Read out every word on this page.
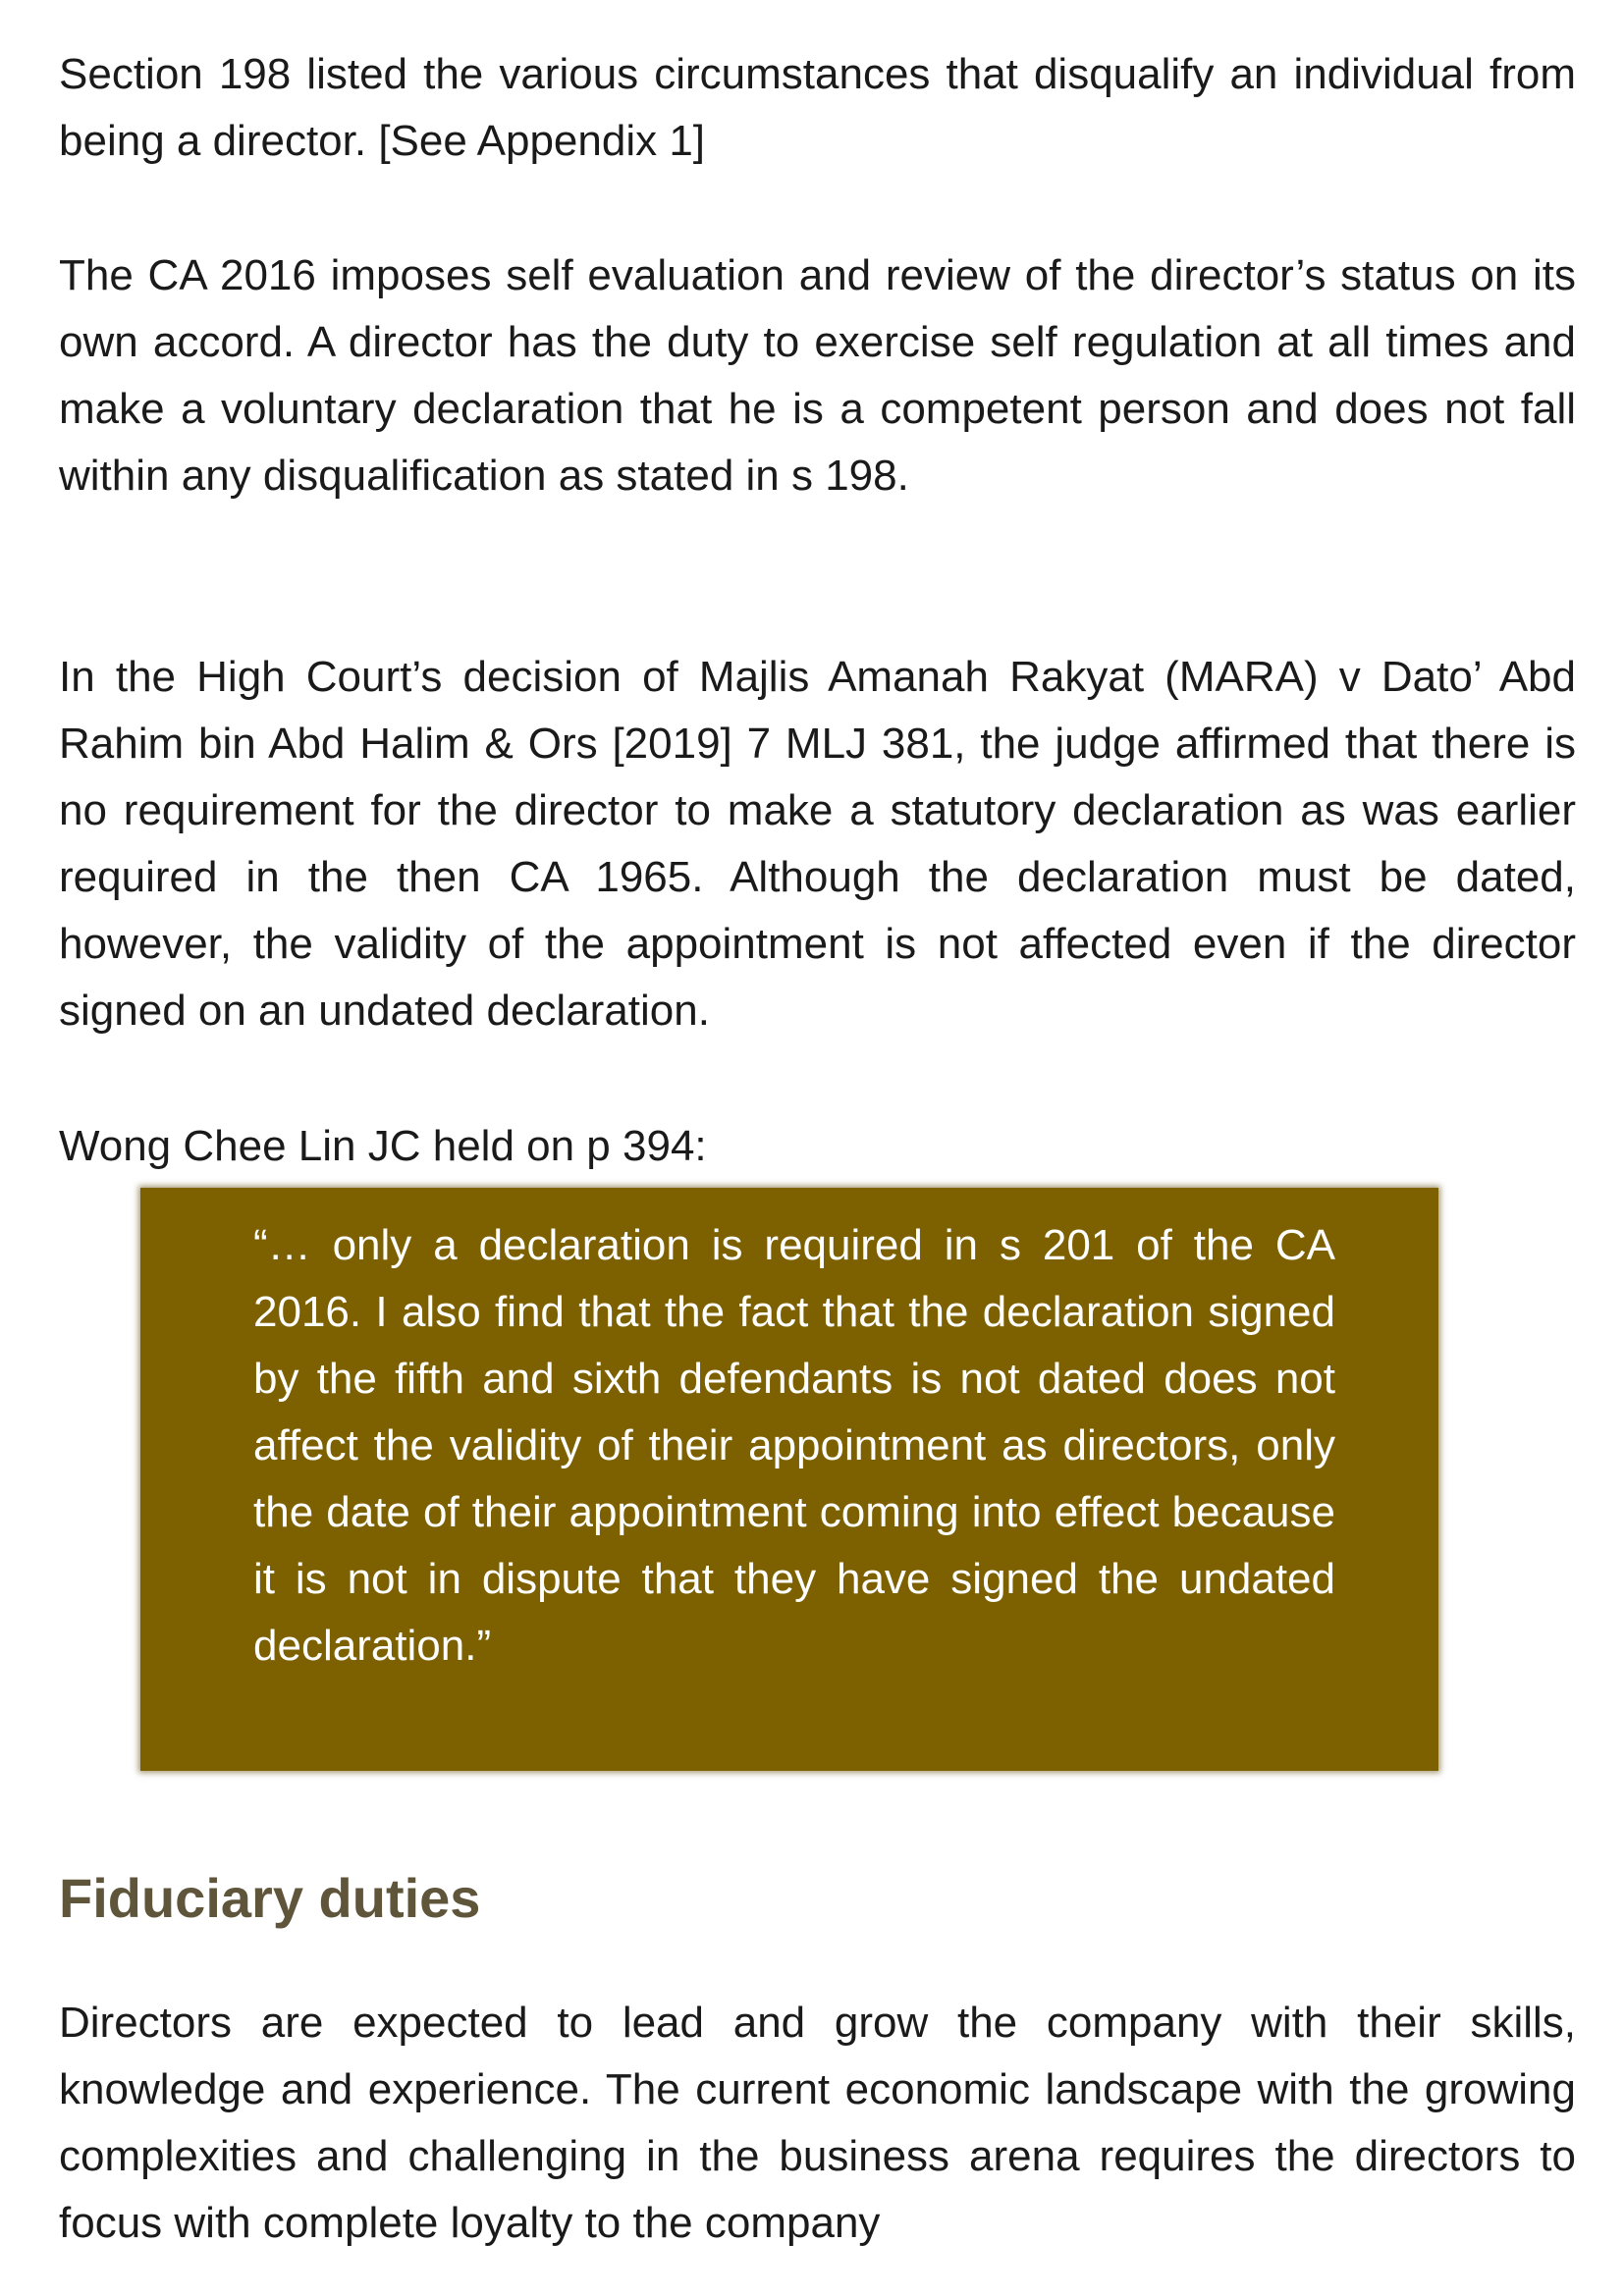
Section 198 listed the various circumstances that disqualify an individual from being a director. [See Appendix 1]

The CA 2016 imposes self evaluation and review of the director’s status on its own accord. A director has the duty to exercise self regulation at all times and make a voluntary declaration that he is a competent person and does not fall within any disqualification as stated in s 198.

In the High Court’s decision of Majlis Amanah Rakyat (MARA) v Dato’ Abd Rahim bin Abd Halim & Ors [2019] 7 MLJ 381, the judge affirmed that there is no requirement for the director to make a statutory declaration as was earlier required in the then CA 1965. Although the declaration must be dated, however, the validity of the appointment is not affected even if the director signed on an undated declaration.

Wong Chee Lin JC held on p 394:

“… only a declaration is required in s 201 of the CA 2016. I also find that the fact that the declaration signed by the fifth and sixth defendants is not dated does not affect the validity of their appointment as directors, only the date of their appointment coming into effect because it is not in dispute that they have signed the undated declaration.”

Fiduciary duties

Directors are expected to lead and grow the company with their skills, knowledge and experience. The current economic landscape with the growing complexities and challenging in the business arena requires the directors to focus with complete loyalty to the company
